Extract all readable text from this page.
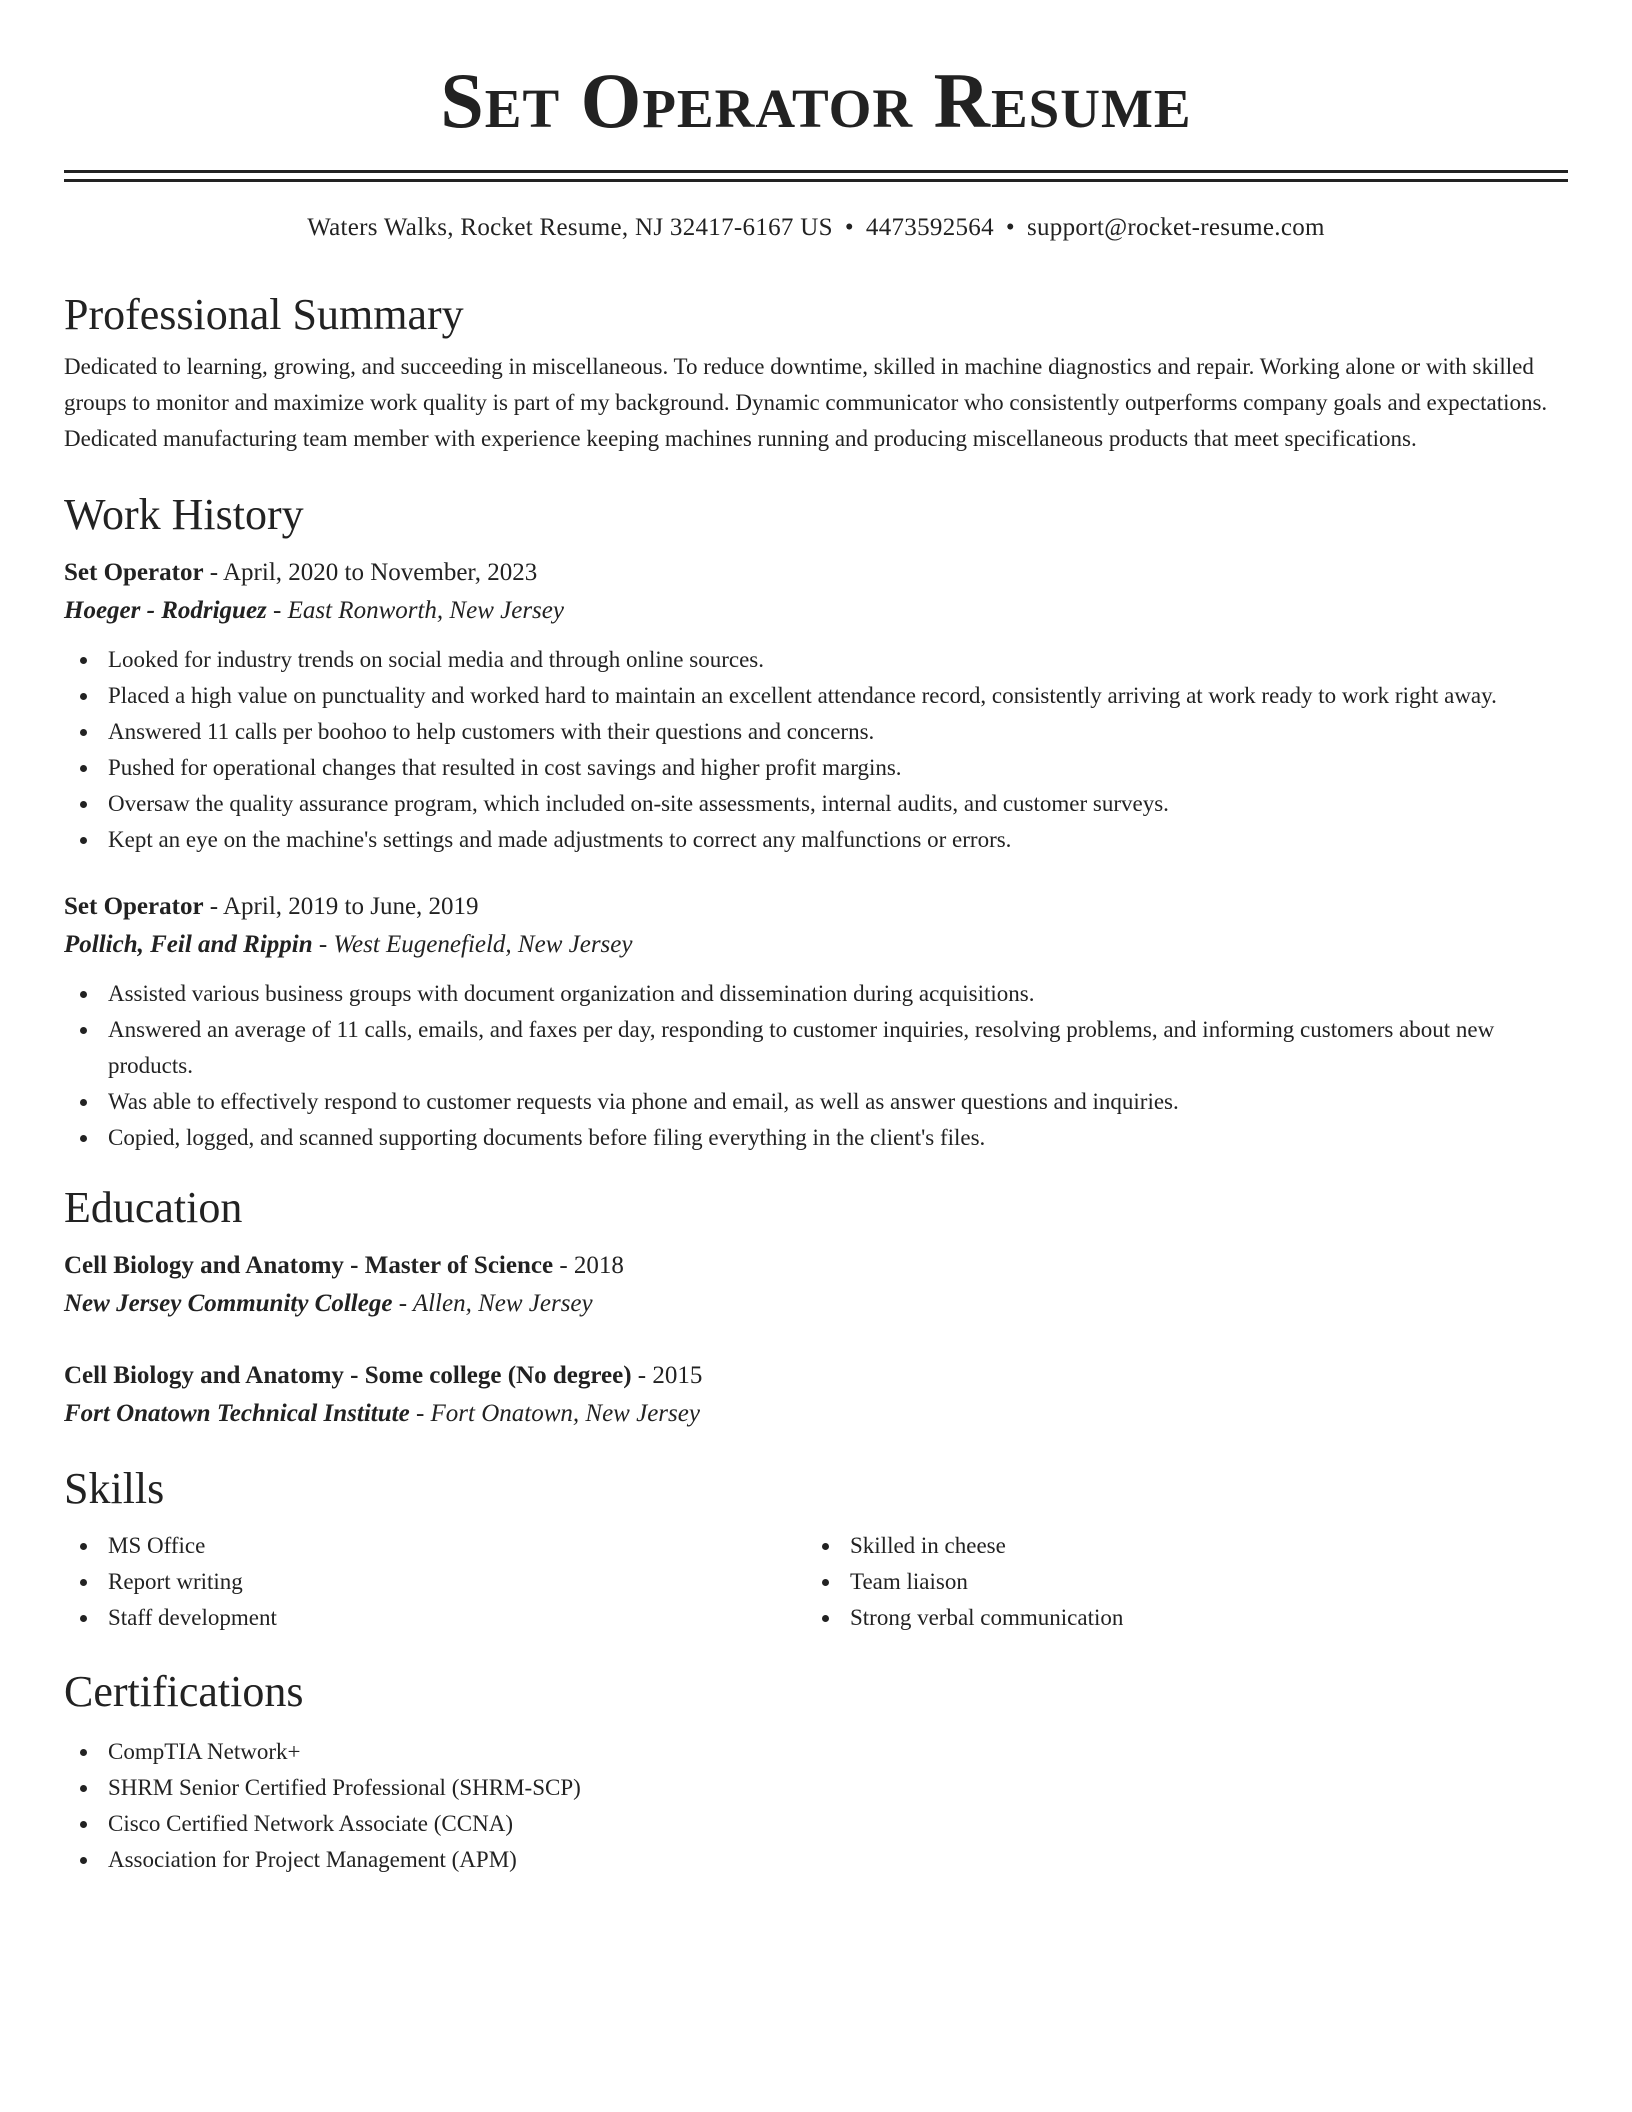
Set Operator Resume
Waters Walks, Rocket Resume, NJ 32417-6167 US • 4473592564 • support@rocket-resume.com
Professional Summary

Dedicated to learning, growing, and succeeding in miscellaneous. To reduce downtime, skilled in machine diagnostics and repair. Working alone or with skilled groups to monitor and maximize work quality is part of my background. Dynamic communicator who consistently outperforms company goals and expectations. Dedicated manufacturing team member with experience keeping machines running and producing miscellaneous products that meet specifications.

Work History
Set Operator - April, 2020 to November, 2023
Hoeger - Rodriguez - East Ronworth, New Jersey
Looked for industry trends on social media and through online sources.
Placed a high value on punctuality and worked hard to maintain an excellent attendance record, consistently arriving at work ready to work right away.
Answered 11 calls per boohoo to help customers with their questions and concerns.
Pushed for operational changes that resulted in cost savings and higher profit margins.
Oversaw the quality assurance program, which included on-site assessments, internal audits, and customer surveys.
Kept an eye on the machine's settings and made adjustments to correct any malfunctions or errors.
Set Operator - April, 2019 to June, 2019
Pollich, Feil and Rippin - West Eugenefield, New Jersey
Assisted various business groups with document organization and dissemination during acquisitions.
Answered an average of 11 calls, emails, and faxes per day, responding to customer inquiries, resolving problems, and informing customers about new products.
Was able to effectively respond to customer requests via phone and email, as well as answer questions and inquiries.
Copied, logged, and scanned supporting documents before filing everything in the client's files.
Education
Cell Biology and Anatomy - Master of Science - 2018
New Jersey Community College - Allen, New Jersey
Cell Biology and Anatomy - Some college (No degree) - 2015
Fort Onatown Technical Institute - Fort Onatown, New Jersey
Skills
MS Office
Report writing
Staff development
Skilled in cheese
Team liaison
Strong verbal communication
Certifications
CompTIA Network+
SHRM Senior Certified Professional (SHRM-SCP)
Cisco Certified Network Associate (CCNA)
Association for Project Management (APM)
